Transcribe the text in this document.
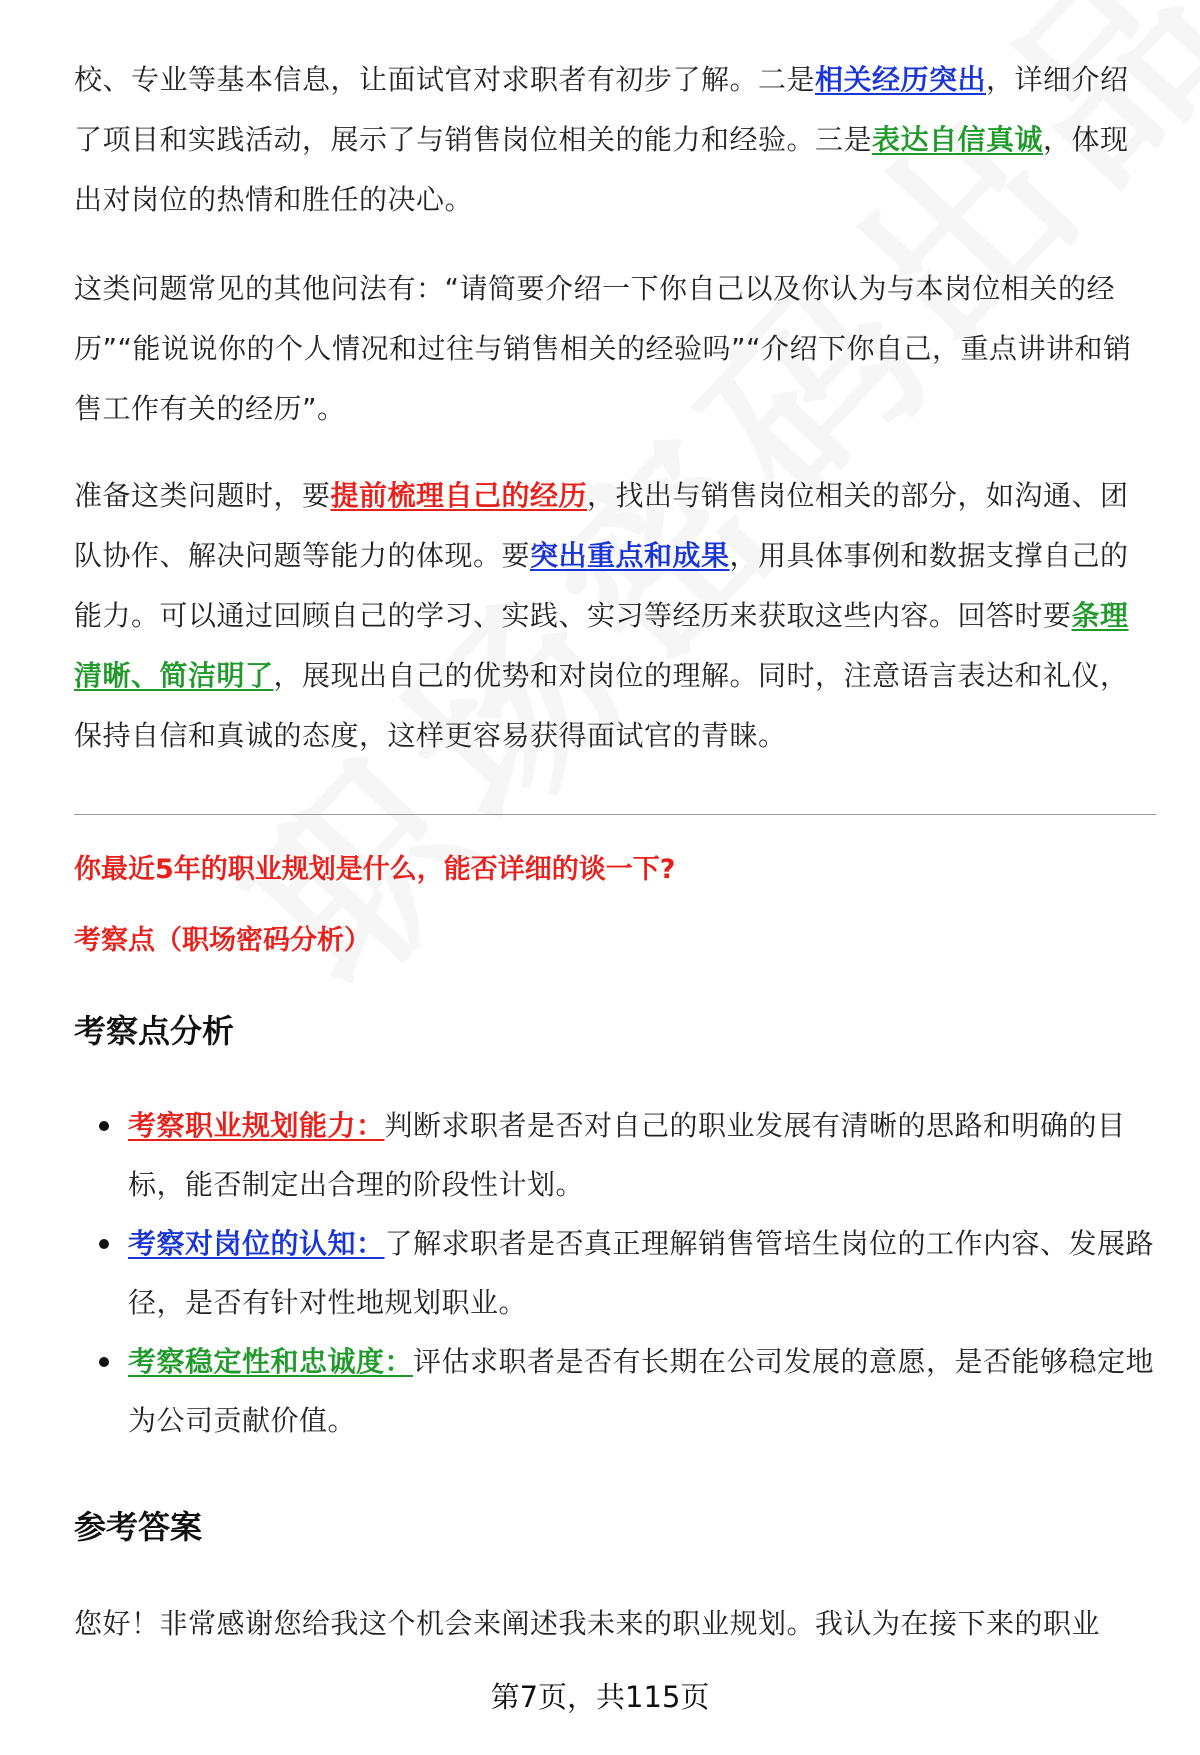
校、专业等基本信息，让面试官对求职者有初步了解。二是相关经历突出，详细介绍了项目和实践活动，展示了与销售岗位相关的能力和经验。三是表达自信真诚，体现出对岗位的热情和胜任的决心。

这类问题常见的其他问法有：“请简要介绍一下你自己以及你认为与本岗位相关的经历”“能说说你的个人情况和过往与销售相关的经验吗”“介绍下你自己，重点讲讲和销售工作有关的经历”。

准备这类问题时，要提前梳理自己的经历，找出与销售岗位相关的部分，如沟通、团队协作、解决问题等能力的体现。要突出重点和成果，用具体事例和数据支撑自己的能力。可以通过回顾自己的学习、实践、实习等经历来获取这些内容。回答时要条理清晰、简洁明了，展现出自己的优势和对岗位的理解。同时，注意语言表达和礼仪，保持自信和真诚的态度，这样更容易获得面试官的青睐。

你最近5年的职业规划是什么，能否详细的谈一下?

考察点（职场密码分析）

考察点分析
考察职业规划能力：判断求职者是否对自己的职业发展有清晰的思路和明确的目标，能否制定出合理的阶段性计划。
考察对岗位的认知：了解求职者是否真正理解销售管培生岗位的工作内容、发展路径，是否有针对性地规划职业。
考察稳定性和忠诚度：评估求职者是否有长期在公司发展的意愿，是否能够稳定地为公司贡献价值。
参考答案

您好！非常感谢您给我这个机会来阐述我未来的职业规划。我认为在接下来的职业

第7页，共115页
